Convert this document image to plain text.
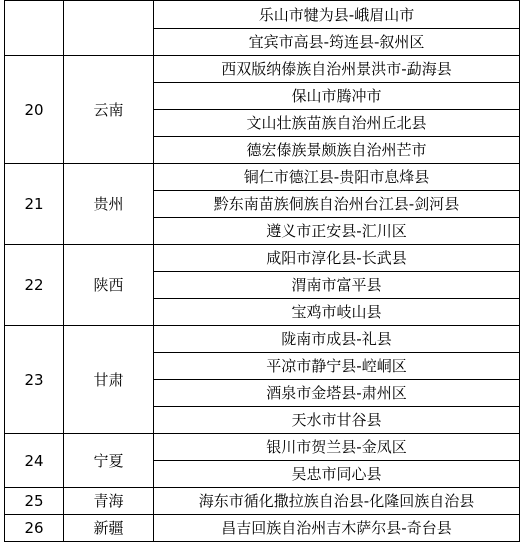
		乐山市犍为县-峨眉山市
		宜宾市高县-筠连县-叙州区
20	云南	西双版纳傣族自治州景洪市-勐海县
		保山市腾冲市
		文山壮族苗族自治州丘北县
		德宏傣族景颇族自治州芒市
21	贵州	铜仁市德江县-贵阳市息烽县
		黔东南苗族侗族自治州台江县-剑河县
		遵义市正安县-汇川区
22	陕西	咸阳市淳化县-长武县
		渭南市富平县
		宝鸡市岐山县
23	甘肃	陇南市成县-礼县
		平凉市静宁县-崆峒区
		酒泉市金塔县-肃州区
		天水市甘谷县
24	宁夏	银川市贺兰县-金凤区
		吴忠市同心县
25	青海	海东市循化撒拉族自治县-化隆回族自治县
26	新疆	昌吉回族自治州吉木萨尔县-奇台县
